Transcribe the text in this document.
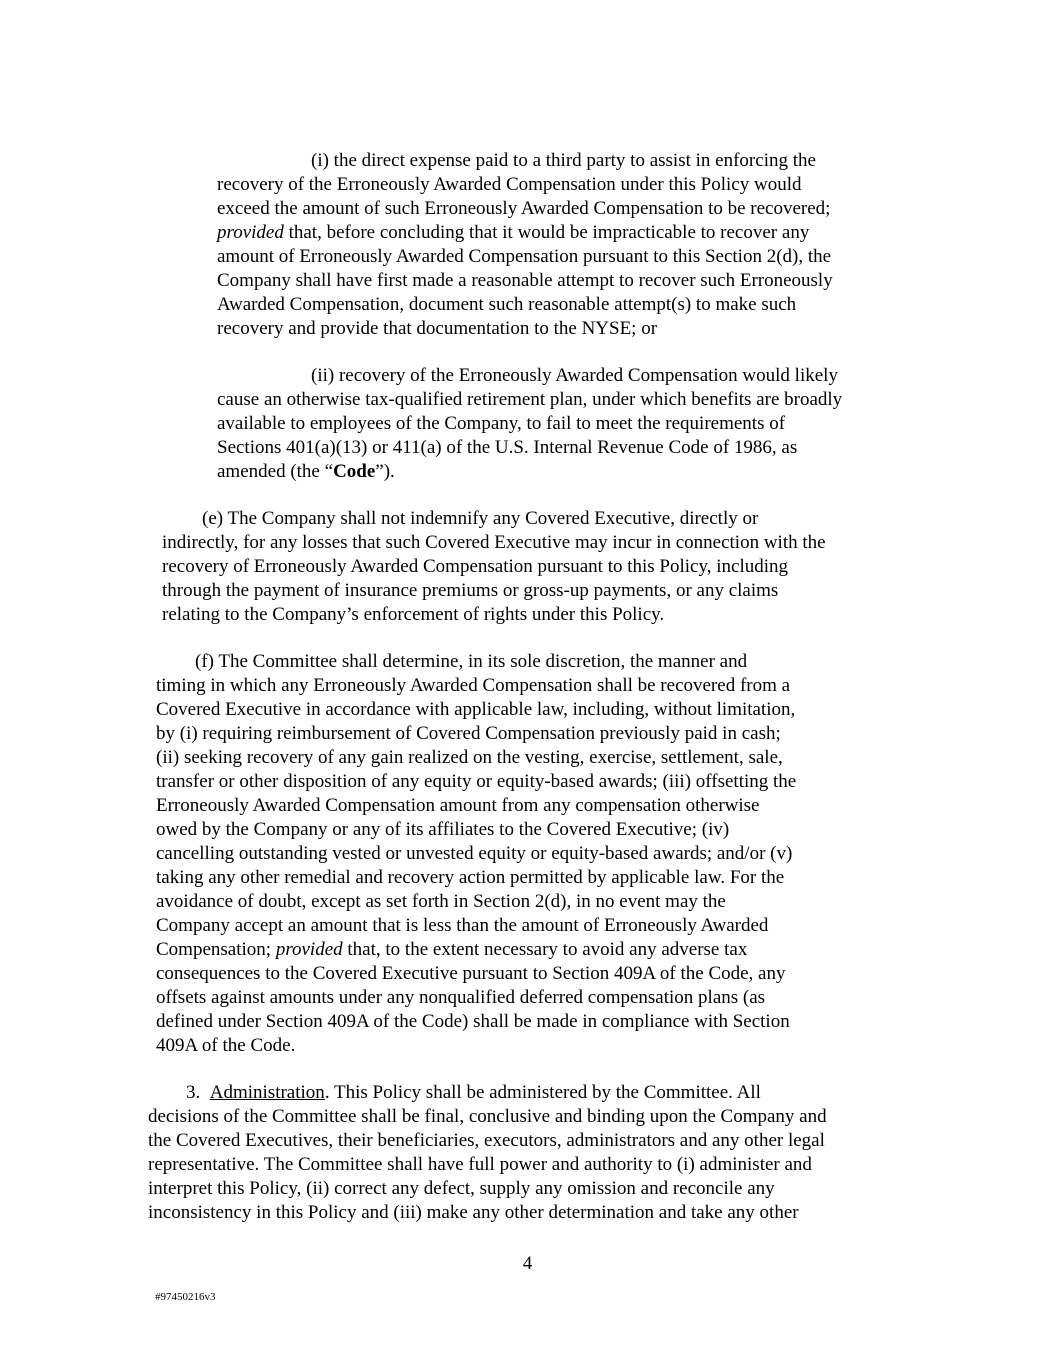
(i) the direct expense paid to a third party to assist in enforcing the
recovery of the Erroneously Awarded Compensation under this Policy would
exceed the amount of such Erroneously Awarded Compensation to be recovered;
provided that, before concluding that it would be impracticable to recover any
amount of Erroneously Awarded Compensation pursuant to this Section 2(d), the
Company shall have first made a reasonable attempt to recover such Erroneously
Awarded Compensation, document such reasonable attempt(s) to make such
recovery and provide that documentation to the NYSE; or
(ii) recovery of the Erroneously Awarded Compensation would likely
cause an otherwise tax-qualified retirement plan, under which benefits are broadly
available to employees of the Company, to fail to meet the requirements of
Sections 401(a)(13) or 411(a) of the U.S. Internal Revenue Code of 1986, as
amended (the “Code”).
(e) The Company shall not indemnify any Covered Executive, directly or
indirectly, for any losses that such Covered Executive may incur in connection with the
recovery of Erroneously Awarded Compensation pursuant to this Policy, including
through the payment of insurance premiums or gross-up payments, or any claims
relating to the Company’s enforcement of rights under this Policy.
(f) The Committee shall determine, in its sole discretion, the manner and
timing in which any Erroneously Awarded Compensation shall be recovered from a
Covered Executive in accordance with applicable law, including, without limitation,
by (i) requiring reimbursement of Covered Compensation previously paid in cash;
(ii) seeking recovery of any gain realized on the vesting, exercise, settlement, sale,
transfer or other disposition of any equity or equity-based awards; (iii) offsetting the
Erroneously Awarded Compensation amount from any compensation otherwise
owed by the Company or any of its affiliates to the Covered Executive; (iv)
cancelling outstanding vested or unvested equity or equity-based awards; and/or (v)
taking any other remedial and recovery action permitted by applicable law. For the
avoidance of doubt, except as set forth in Section 2(d), in no event may the
Company accept an amount that is less than the amount of Erroneously Awarded
Compensation; provided that, to the extent necessary to avoid any adverse tax
consequences to the Covered Executive pursuant to Section 409A of the Code, any
offsets against amounts under any nonqualified deferred compensation plans (as
defined under Section 409A of the Code) shall be made in compliance with Section
409A of the Code.
3. Administration. This Policy shall be administered by the Committee. All
decisions of the Committee shall be final, conclusive and binding upon the Company and
the Covered Executives, their beneficiaries, executors, administrators and any other legal
representative. The Committee shall have full power and authority to (i) administer and
interpret this Policy, (ii) correct any defect, supply any omission and reconcile any
inconsistency in this Policy and (iii) make any other determination and take any other
4
#97450216v3
